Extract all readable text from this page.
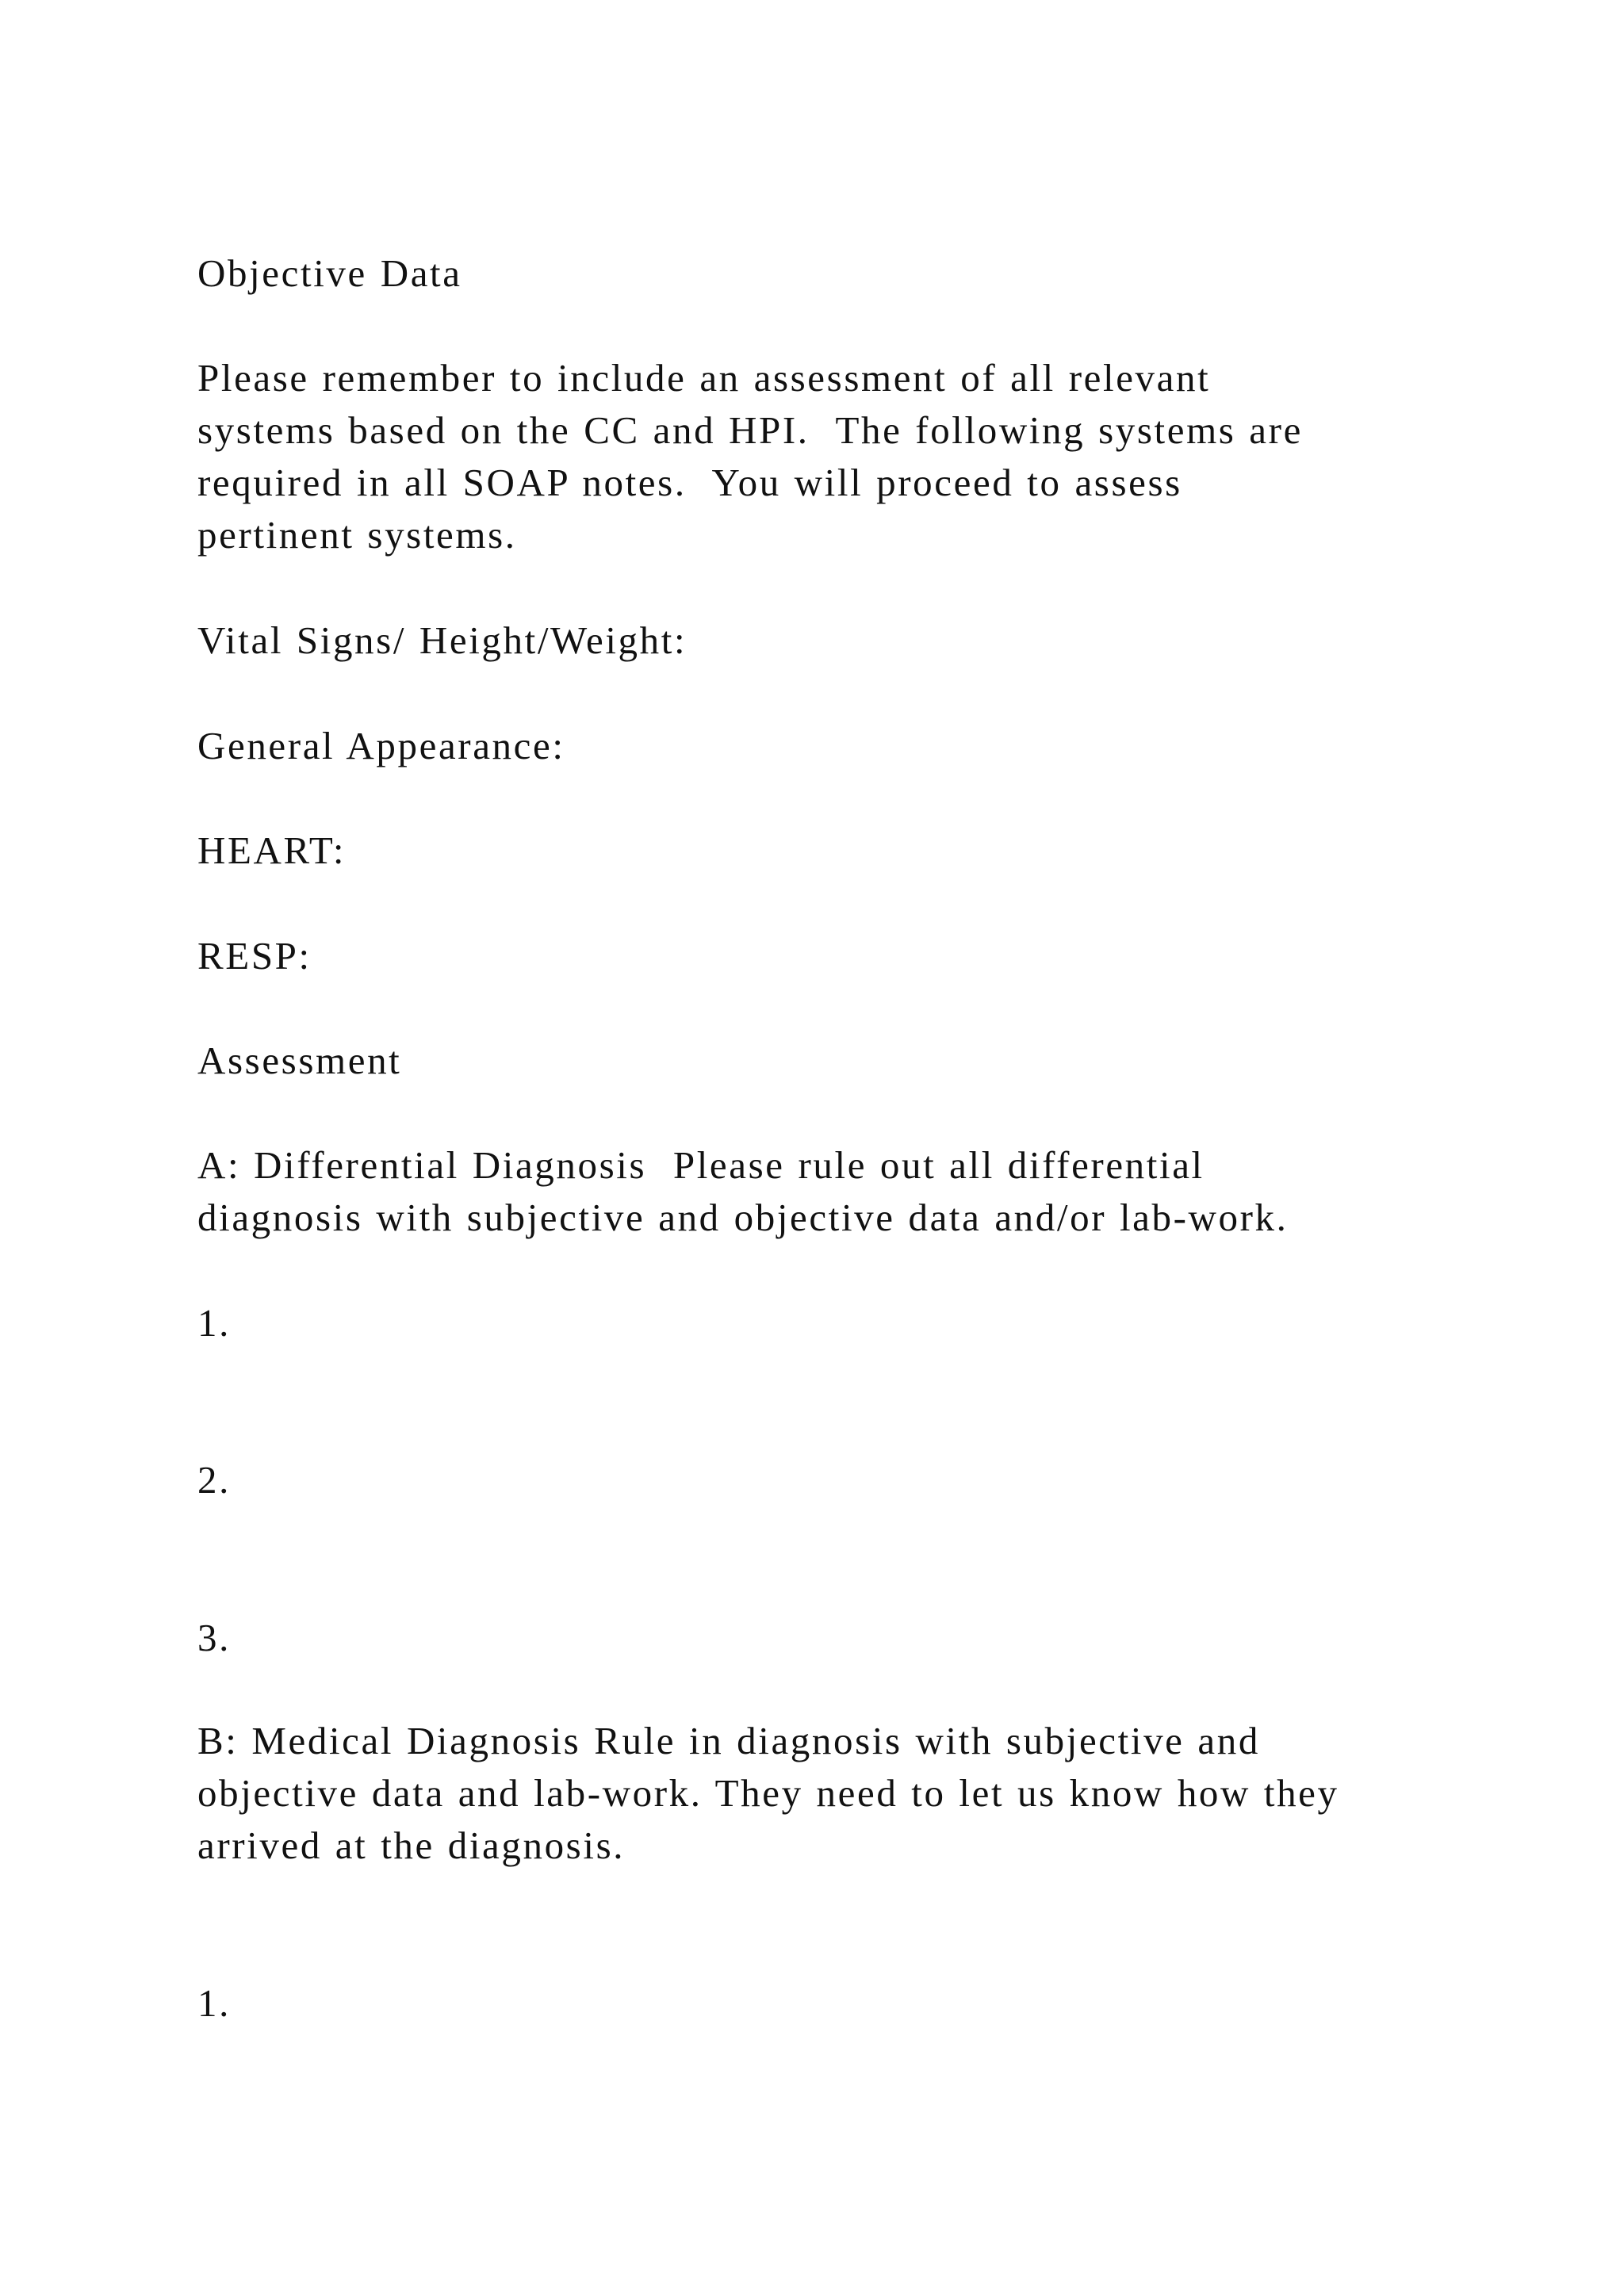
Objective Data
Please remember to include an assessment of all relevant
systems based on the CC and HPI.  The following systems are
required in all SOAP notes.  You will proceed to assess
pertinent systems.
Vital Signs/ Height/Weight:
General Appearance:
HEART:
RESP:
Assessment
A: Differential Diagnosis  Please rule out all differential
diagnosis with subjective and objective data and/or lab-work.
1.
2.
3.
B: Medical Diagnosis Rule in diagnosis with subjective and
objective data and lab-work. They need to let us know how they
arrived at the diagnosis.
1.
